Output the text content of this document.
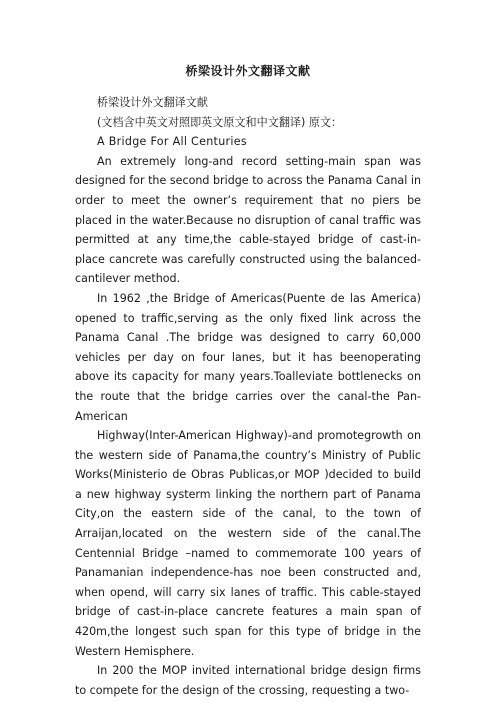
桥梁设计外文翻译文献

桥梁设计外文翻译文献

(文档含中英文对照即英文原文和中文翻译) 原文：

A Bridge For All Centuries

An extremely long-and record setting-main span was designed for the second bridge to across the Panama Canal in order to meet the owner’s requirement that no piers be placed in the water.Because no disruption of canal traffic was permitted at any time,the cable-stayed bridge of cast-in-place cancrete was carefully constructed using the balanced-cantilever method.

In 1962 ,the Bridge of Americas(Puente de las America) opened to traffic,serving as the only fixed link across the Panama Canal .The bridge was designed to carry 60,000 vehicles per day on four lanes, but it has beenoperating above its capacity for many years.Toalleviate bottlenecks on the route that the bridge carries over the canal-the Pan-American

Highway(Inter-American Highway)-and promotegrowth on the western side of Panama,the country’s Ministry of Public Works(Ministerio de Obras Publicas,or MOP )decided to build a new highway systerm linking the northern part of Panama City,on the eastern side of the canal, to the town of Arraijan,located on the western side of the canal.The Centennial Bridge –named to commemorate 100 years of Panamanian independence-has noe been constructed and, when opend, will carry six lanes of traffic. This cable-stayed bridge of cast-in-place cancrete features a main span of 420m,the longest such span for this type of bridge in the Western Hemisphere.

In 200 the MOP invited international bridge design firms to compete for the design of the crossing, requesting a two-
